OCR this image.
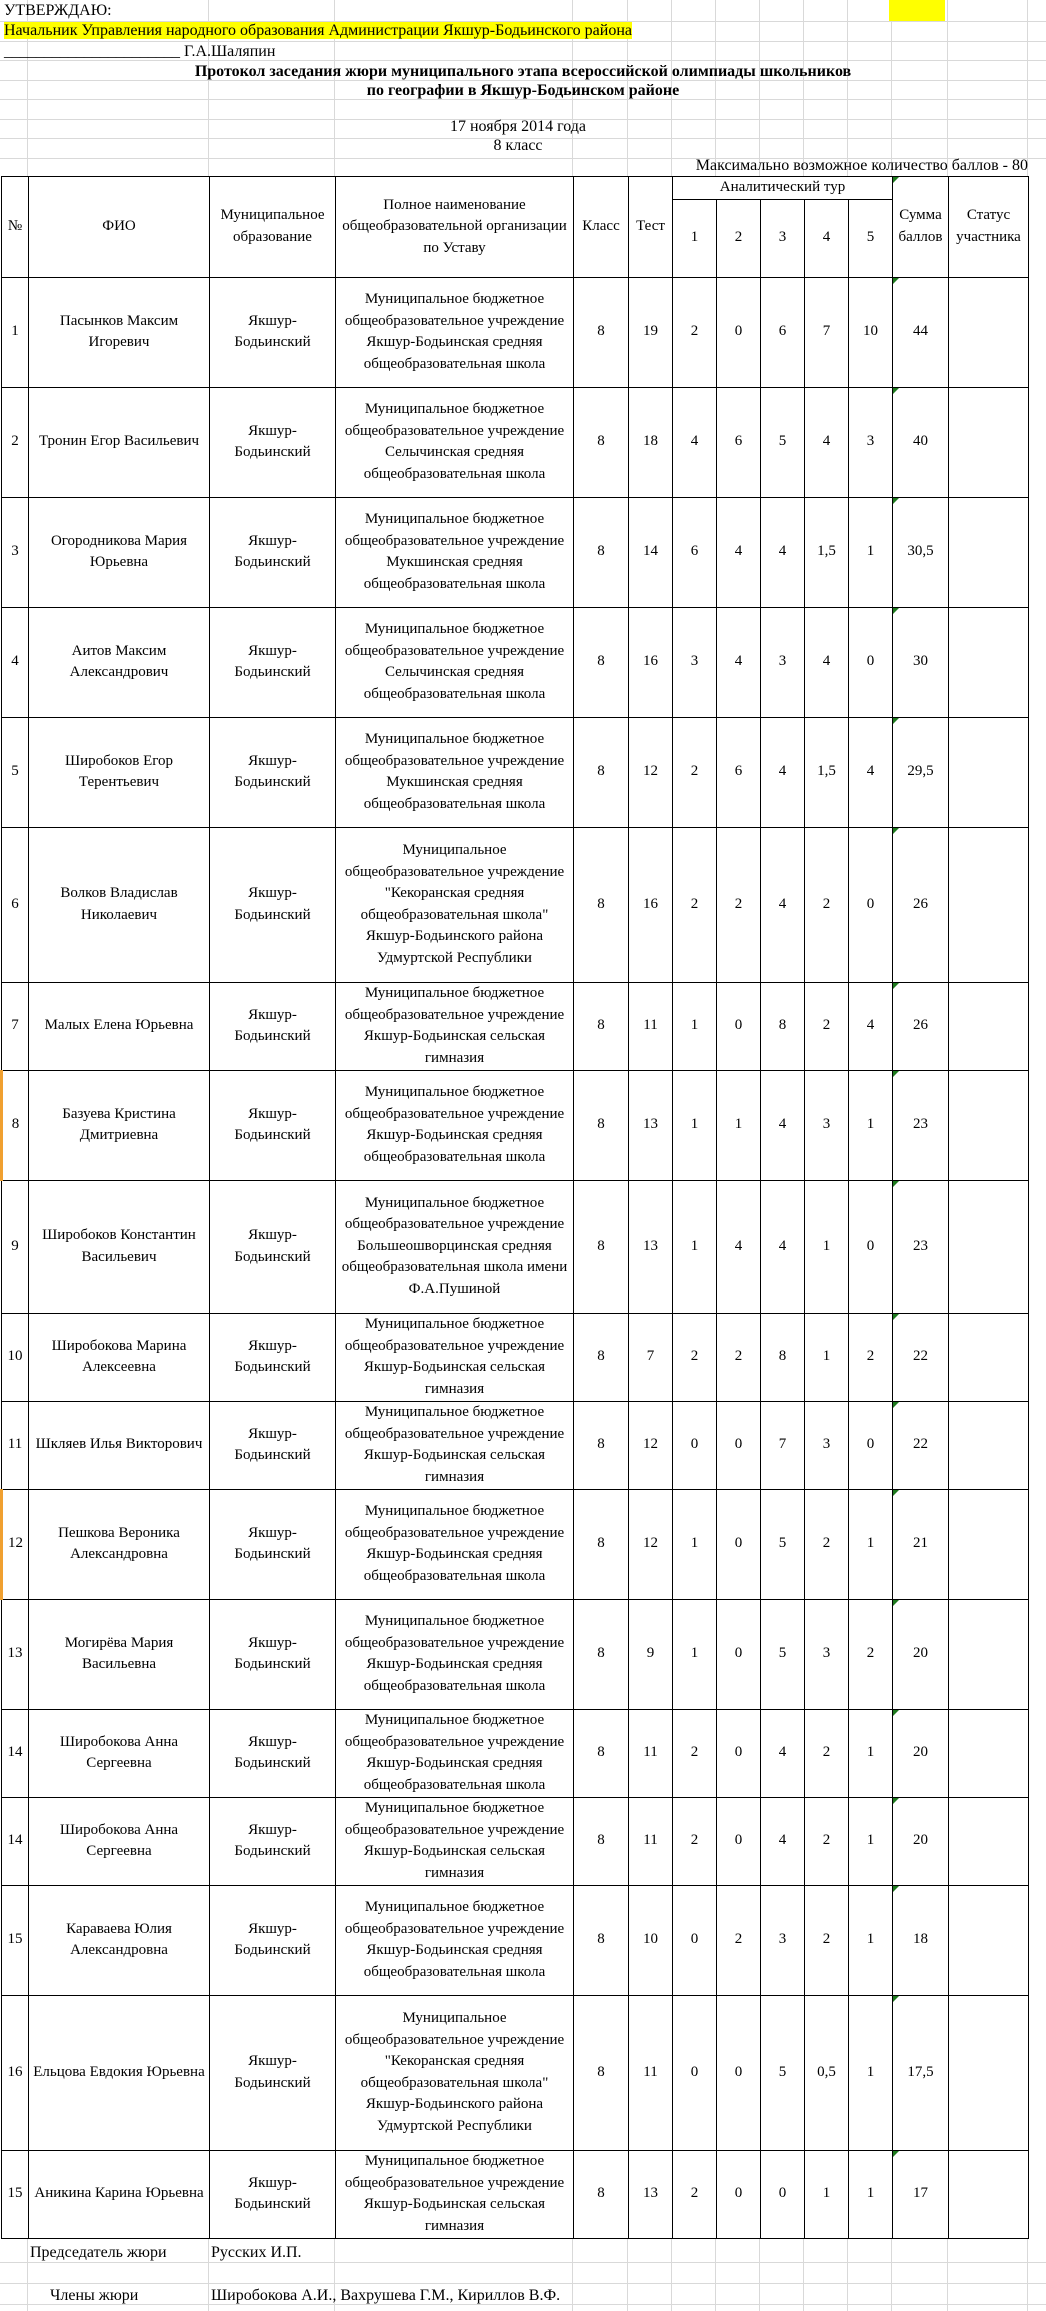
УТВЕРЖДАЮ:
Начальник Управления народного образования Администрации Якшур-Бодьинского района
______________________ Г.А.Шаляпин
Протокол заседания жюри муниципального этапа всероссийской олимпиады школьников
по географии в Якшур-Бодьинском районе
17 ноября 2014 года
8 класс
Максимально возможное количество баллов - 80
№	ФИО	Муниципальное образование	Полное наименование общеобразовательной организации по Уставу	Класс	Тест	Аналитический тур					Сумма баллов	Статус участника
						1	2	3	4	5		
1	Пасынков Максим Игоревич	Якшур-Бодьинский	Муниципальное бюджетное общеобразовательное учреждение Якшур-Бодьинская средняя общеобразовательная школа	8	19	2	0	6	7	10	44	
2	Тронин Егор Васильевич	Якшур-Бодьинский	Муниципальное бюджетное общеобразовательное учреждение Селычинская средняя общеобразовательная школа	8	18	4	6	5	4	3	40	
3	Огородникова Мария Юрьевна	Якшур-Бодьинский	Муниципальное бюджетное общеобразовательное учреждение Мукшинская средняя общеобразовательная школа	8	14	6	4	4	1,5	1	30,5	
4	Аитов Максим Александрович	Якшур-Бодьинский	Муниципальное бюджетное общеобразовательное учреждение Селычинская средняя общеобразовательная школа	8	16	3	4	3	4	0	30	
5	Широбоков Егор Терентьевич	Якшур-Бодьинский	Муниципальное бюджетное общеобразовательное учреждение Мукшинская средняя общеобразовательная школа	8	12	2	6	4	1,5	4	29,5	
6	Волков Владислав Николаевич	Якшур-Бодьинский	Муниципальное общеобразовательное учреждение "Кекоранская средняя общеобразовательная школа" Якшур-Бодьинского района Удмуртской Республики	8	16	2	2	4	2	0	26	
7	Малых Елена Юрьевна	Якшур-Бодьинский	Муниципальное бюджетное общеобразовательное учреждение Якшур-Бодьинская сельская гимназия	8	11	1	0	8	2	4	26	
8	Базуева Кристина Дмитриевна	Якшур-Бодьинский	Муниципальное бюджетное общеобразовательное учреждение Якшур-Бодьинская средняя общеобразовательная школа	8	13	1	1	4	3	1	23	
9	Широбоков Константин Васильевич	Якшур-Бодьинский	Муниципальное бюджетное общеобразовательное учреждение Большеошворцинская средняя общеобразовательная школа имени Ф.А.Пушиной	8	13	1	4	4	1	0	23	
10	Широбокова Марина Алексеевна	Якшур-Бодьинский	Муниципальное бюджетное общеобразовательное учреждение Якшур-Бодьинская сельская гимназия	8	7	2	2	8	1	2	22	
11	Шкляев Илья Викторович	Якшур-Бодьинский	Муниципальное бюджетное общеобразовательное учреждение Якшур-Бодьинская сельская гимназия	8	12	0	0	7	3	0	22	
12	Пешкова Вероника Александровна	Якшур-Бодьинский	Муниципальное бюджетное общеобразовательное учреждение Якшур-Бодьинская средняя общеобразовательная школа	8	12	1	0	5	2	1	21	
13	Могирёва Мария Васильевна	Якшур-Бодьинский	Муниципальное бюджетное общеобразовательное учреждение Якшур-Бодьинская средняя общеобразовательная школа	8	9	1	0	5	3	2	20	
14	Широбокова Анна Сергеевна	Якшур-Бодьинский	Муниципальное бюджетное общеобразовательное учреждение Якшур-Бодьинская средняя общеобразовательная школа	8	11	2	0	4	2	1	20	
14	Широбокова Анна Сергеевна	Якшур-Бодьинский	Муниципальное бюджетное общеобразовательное учреждение Якшур-Бодьинская сельская гимназия	8	11	2	0	4	2	1	20	
15	Караваева Юлия Александровна	Якшур-Бодьинский	Муниципальное бюджетное общеобразовательное учреждение Якшур-Бодьинская средняя общеобразовательная школа	8	10	0	2	3	2	1	18	
16	Ельцова Евдокия Юрьевна	Якшур-Бодьинский	Муниципальное общеобразовательное учреждение "Кекоранская средняя общеобразовательная школа" Якшур-Бодьинского района Удмуртской Республики	8	11	0	0	5	0,5	1	17,5	
15	Аникина Карина Юрьевна	Якшур-Бодьинский	Муниципальное бюджетное общеобразовательное учреждение Якшур-Бодьинская сельская гимназия	8	13	2	0	0	1	1	17	
Председатель жюри	Русских И.П.
Члены жюри	Широбокова А.И., Вахрушева Г.М., Кириллов В.Ф.
